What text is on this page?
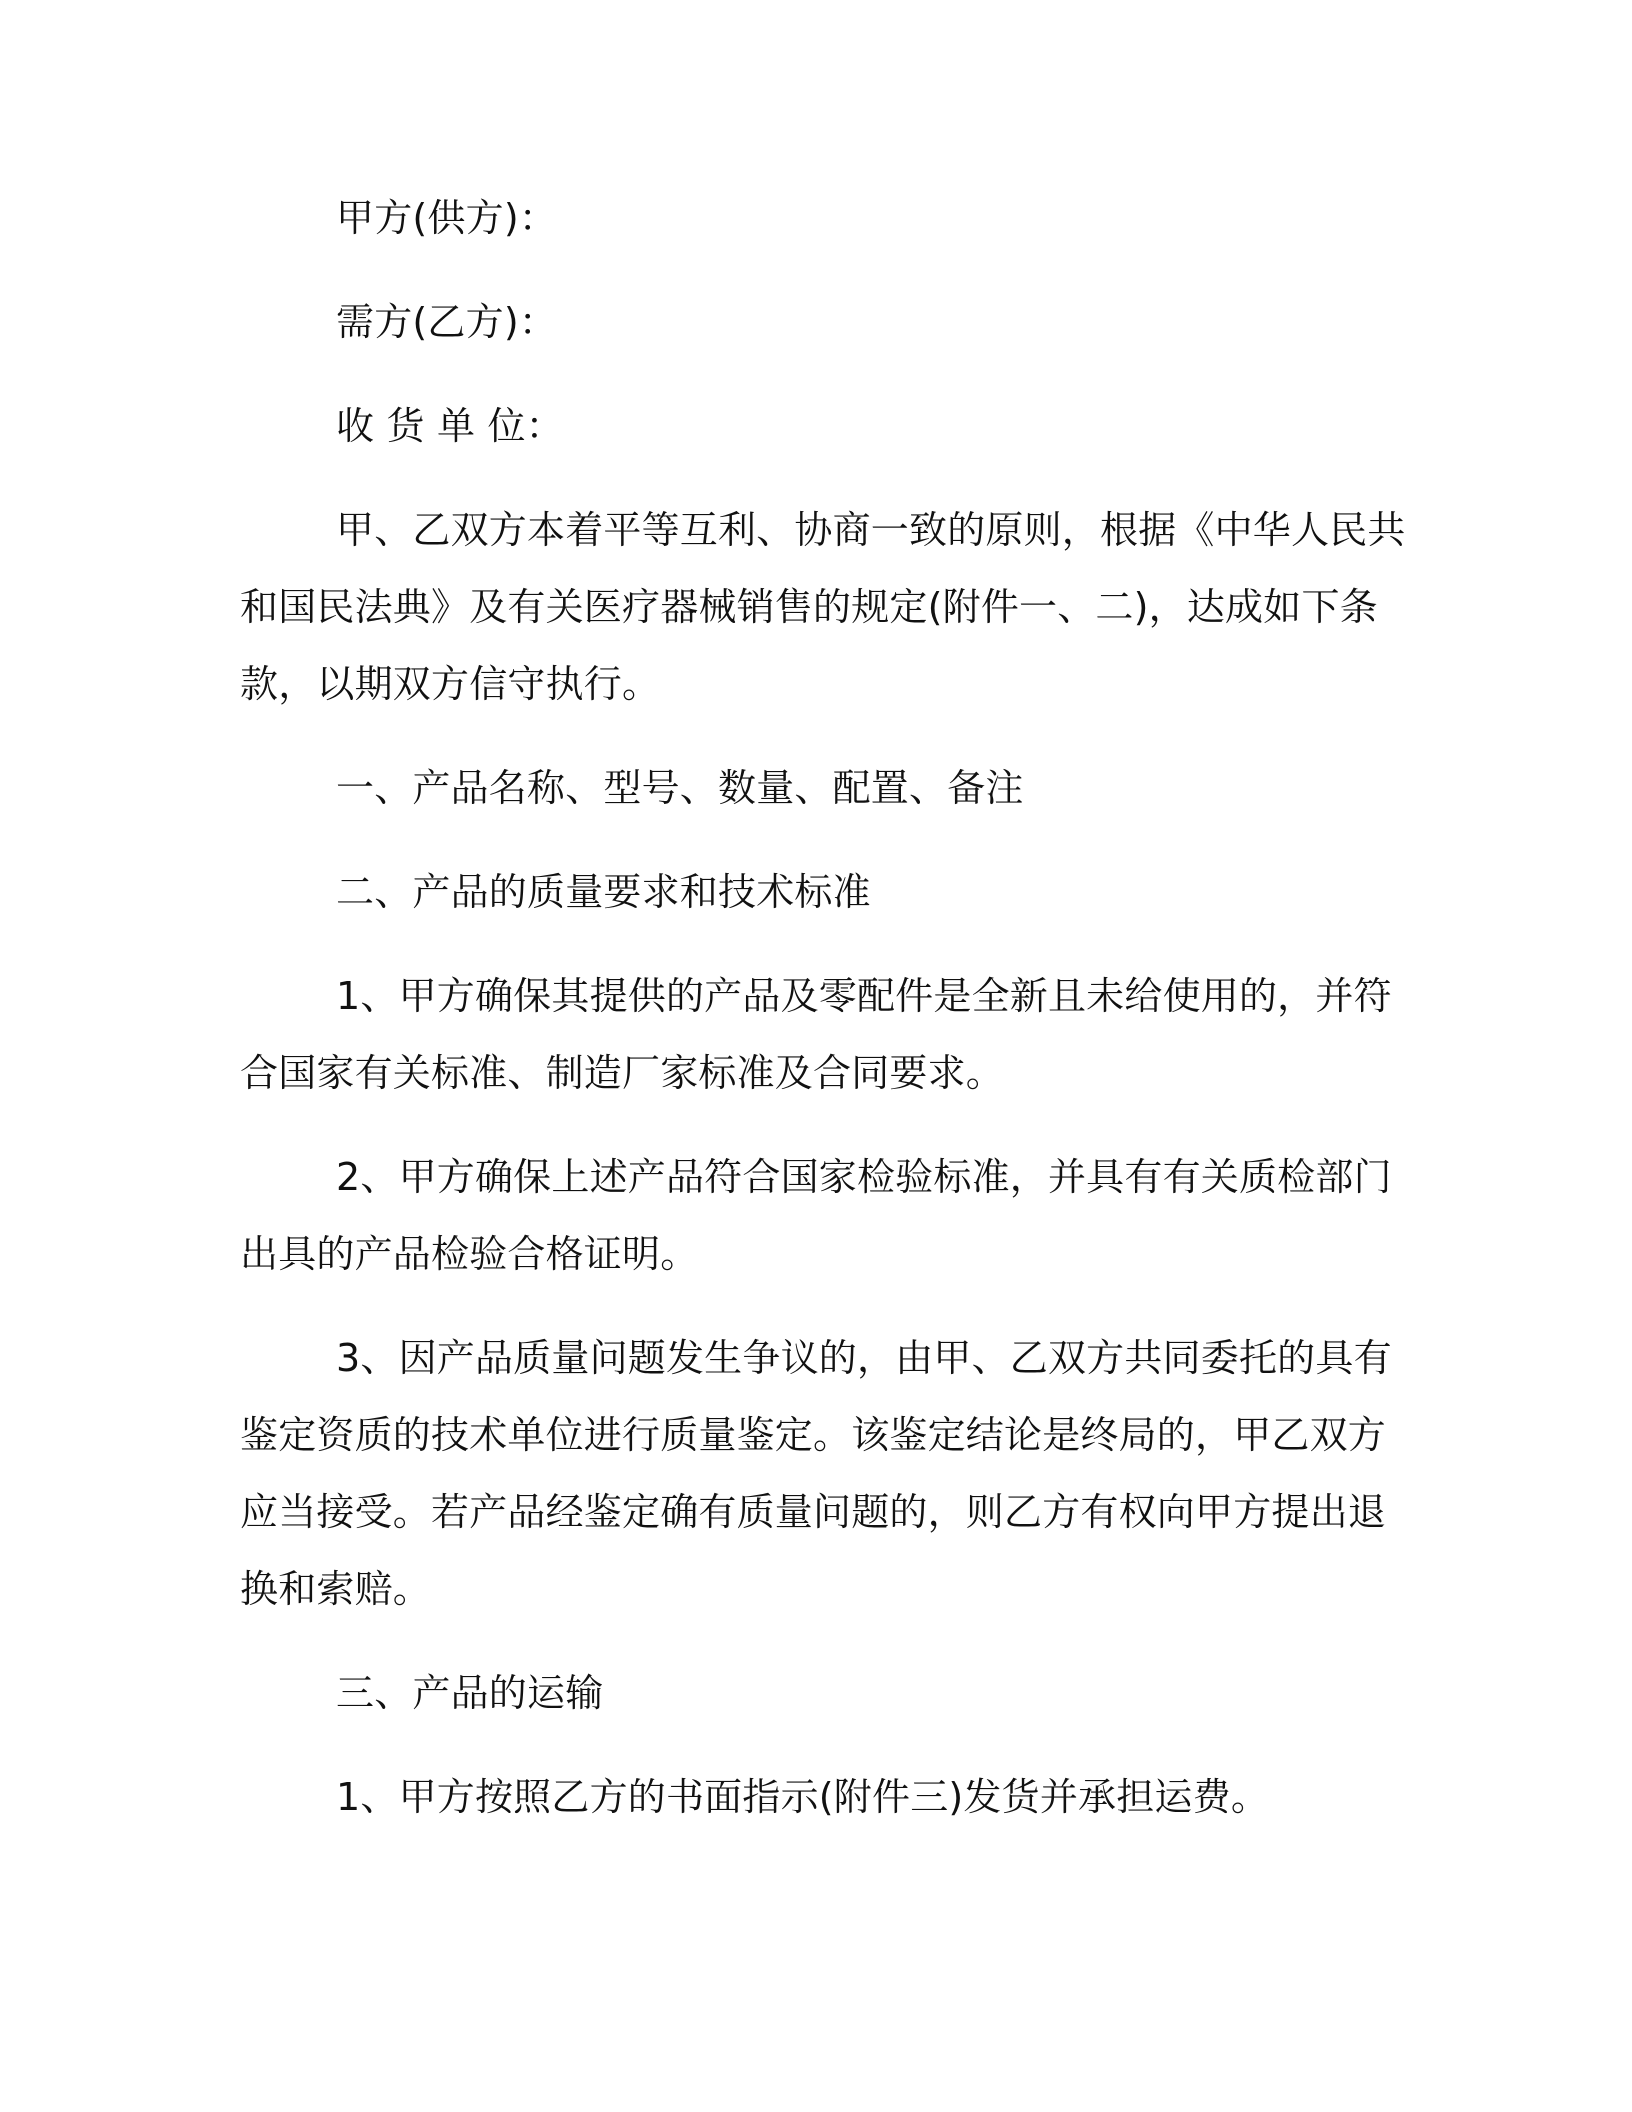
甲方(供方)：

需方(乙方)：

收 货 单 位：

甲、乙双方本着平等互利、协商一致的原则，根据《中华人民共和国民法典》及有关医疗器械销售的规定(附件一、二)，达成如下条款，以期双方信守执行。

一、产品名称、型号、数量、配置、备注

二、产品的质量要求和技术标准

1、甲方确保其提供的产品及零配件是全新且未给使用的，并符合国家有关标准、制造厂家标准及合同要求。

2、甲方确保上述产品符合国家检验标准，并具有有关质检部门出具的产品检验合格证明。

3、因产品质量问题发生争议的，由甲、乙双方共同委托的具有鉴定资质的技术单位进行质量鉴定。该鉴定结论是终局的，甲乙双方应当接受。若产品经鉴定确有质量问题的，则乙方有权向甲方提出退换和索赔。

三、产品的运输

1、甲方按照乙方的书面指示(附件三)发货并承担运费。
